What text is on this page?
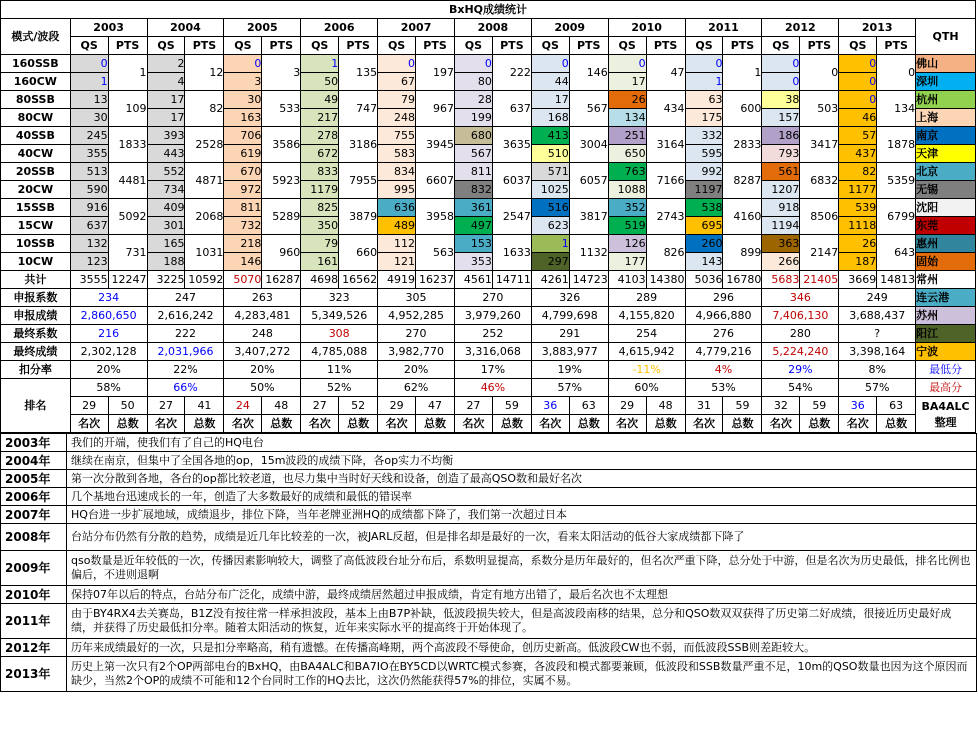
BxHQ成绩统计																							
模式/波段	2003		2004		2005		2006		2007		2008		2009		2010		2011		2012		2013		QTH
	QS	PTS	QS	PTS	QS	PTS	QS	PTS	QS	PTS	QS	PTS	QS	PTS	QS	PTS	QS	PTS	QS	PTS	QS	PTS	
160SSB	0	1	2	12	0	3	1	135	0	197	0	222	0	146	0	47	0	1	0	0	0	0	佛山
160CW	1		4		3		50		67		80		44		17		1		0		0		深圳
80SSB	13	109	17	82	30	533	49	747	79	967	28	637	17	567	26	434	63	600	38	503	0	134	杭州
80CW	30		17		163		217		248		199		168		134		175		157		46		上海
40SSB	245	1833	393	2528	706	3586	278	3186	755	3945	680	3635	413	3004	251	3164	332	2833	186	3417	57	1878	南京
40CW	355		443		619		672		583		567		510		650		595		793		437		天津
20SSB	513	4481	552	4871	670	5923	833	7955	834	6607	811	6037	571	6057	763	7166	992	8287	561	6832	82	5359	北京
20CW	590		734		972		1179		995		832		1025		1088		1197		1207		1177		无锡
15SSB	916	5092	409	2068	811	5289	825	3879	636	3958	361	2547	516	3817	352	2743	538	4160	918	8506	539	6799	沈阳
15CW	637		301		732		350		489		497		623		519		695		1194		1118		东莞
10SSB	132	731	165	1031	218	960	79	660	112	563	153	1633	1	1132	126	826	260	899	363	2147	26	643	惠州
10CW	123		188		146		161		121		353		297		177		143		266		187		固始
共计	3555	12247	3225	10592	5070	16287	4698	16562	4919	16237	4561	14711	4261	14723	4103	14380	5036	16780	5683	21405	3669	14813	常州
申报系数	234		247		263		323		305		270		326		289		296		346		249		连云港
申报成绩	2,860,650		2,616,242		4,283,481		5,349,526		4,952,285		3,979,260		4,799,698		4,155,820		4,966,880		7,406,130		3,688,437		苏州
最终系数	216		222		248		308		270		252		291		254		276		280		?		阳江
最终成绩	2,302,128		2,031,966		3,407,272		4,785,088		3,982,770		3,316,068		3,883,977		4,615,942		4,779,216		5,224,240		3,398,164		宁波
扣分率	20%		22%		20%		11%		20%		17%		19%		-11%		4%		29%		8%		最低分
排名	58%		66%		50%		52%		62%		46%		57%		60%		53%		54%		57%		最高分
	29	50	27	41	24	48	27	52	29	47	27	59	36	63	29	48	31	59	32	59	36	63	BA4ALC
整理

	名次	总数	名次	总数	名次	总数	名次	总数	名次	总数	名次	总数	名次	总数	名次	总数	名次	总数	名次	总数	名次	总数	
2003年	我们的开端，使我们有了自己的HQ电台
2004年	继续在南京，但集中了全国各地的op，15m波段的成绩下降，各op实力不均衡
2005年	第一次分散到各地，各台的op都比较老道，也尽力集中当时好天线和设备，创造了最高QSO数和最好名次
2006年	几个基地台迅速成长的一年，创造了大多数最好的成绩和最低的错误率
2007年	HQ台进一步扩展地域，成绩退步，排位下降，当年老牌亚洲HQ的成绩都下降了，我们第一次超过日本
2008年	台站分布仍然有分散的趋势，成绩是近几年比较差的一次，被JARL反超，但是排名却是最好的一次，看来太阳活动的低谷大家成绩都下降了
2009年	qso数量是近年较低的一次，传播因素影响较大，调整了高低波段台址分布后，系数明显提高，系数分是历年最好的，但名次严重下降，总分处于中游，但是名次为历史最低，排名比例也偏后，不进则退啊
2010年	保持07年以后的特点，台站分布广泛化，成绩中游，最终成绩居然超过申报成绩，肯定有地方出错了，最后名次也不太理想
2011年	由于BY4RX4去关赛岛，B1Z没有按往常一样承担波段，基本上由B7P补缺，低波段损失较大，但是高波段南移的结果，总分和QSO数双双获得了历史第二好成绩，很接近历史最好成绩，并获得了历史最低扣分率。随着太阳活动的恢复，近年来实际水平的提高终于开始体现了。
2012年	历年来成绩最好的一次，只是扣分率略高，稍有遗憾。在传播高峰期，两个高波段不辱使命，创历史新高。低波段CW也不弱，而低波段SSB则差距较大。
2013年	历史上第一次只有2个OP两部电台的BxHQ，由BA4ALC和BA7IO在BY5CD以WRTC模式参赛，各波段和模式都要兼顾，低波段和SSB数量严重不足，10m的QSO数量也因为这个原因而缺少，当然2个OP的成绩不可能和12个台同时工作的HQ去比，这次仍然能获得57%的排位，实属不易。
